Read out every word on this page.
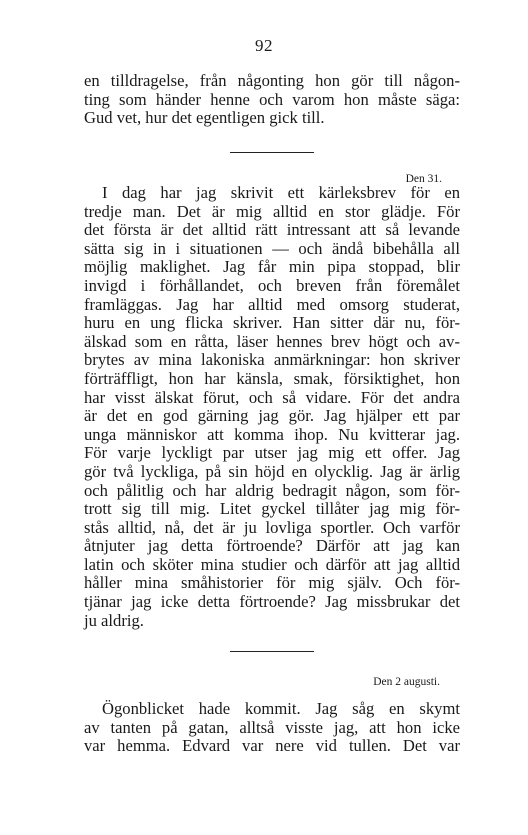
92
en tilldragelse, från någonting hon gör till någon-
ting som händer henne och varom hon måste säga:
Gud vet, hur det egentligen gick till.
Den 31.
I dag har jag skrivit ett kärleksbrev för en
tredje man. Det är mig alltid en stor glädje. För
det första är det alltid rätt intressant att så levande
sätta sig in i situationen — och ändå bibehålla all
möjlig maklighet. Jag får min pipa stoppad, blir
invigd i förhållandet, och breven från föremålet
framläggas. Jag har alltid med omsorg studerat,
huru en ung flicka skriver. Han sitter där nu, för-
älskad som en råtta, läser hennes brev högt och av-
brytes av mina lakoniska anmärkningar: hon skriver
förträffligt, hon har känsla, smak, försiktighet, hon
har visst älskat förut, och så vidare. För det andra
är det en god gärning jag gör. Jag hjälper ett par
unga människor att komma ihop. Nu kvitterar jag.
För varje lyckligt par utser jag mig ett offer. Jag
gör två lyckliga, på sin höjd en olycklig. Jag är ärlig
och pålitlig och har aldrig bedragit någon, som för-
trott sig till mig. Litet gyckel tillåter jag mig för-
stås alltid, nå, det är ju lovliga sportler. Och varför
åtnjuter jag detta förtroende? Därför att jag kan
latin och sköter mina studier och därför att jag alltid
håller mina småhistorier för mig själv. Och för-
tjänar jag icke detta förtroende? Jag missbrukar det
ju aldrig.
Den 2 augusti.
Ögonblicket hade kommit. Jag såg en skymt
av tanten på gatan, alltså visste jag, att hon icke
var hemma. Edvard var nere vid tullen. Det var
